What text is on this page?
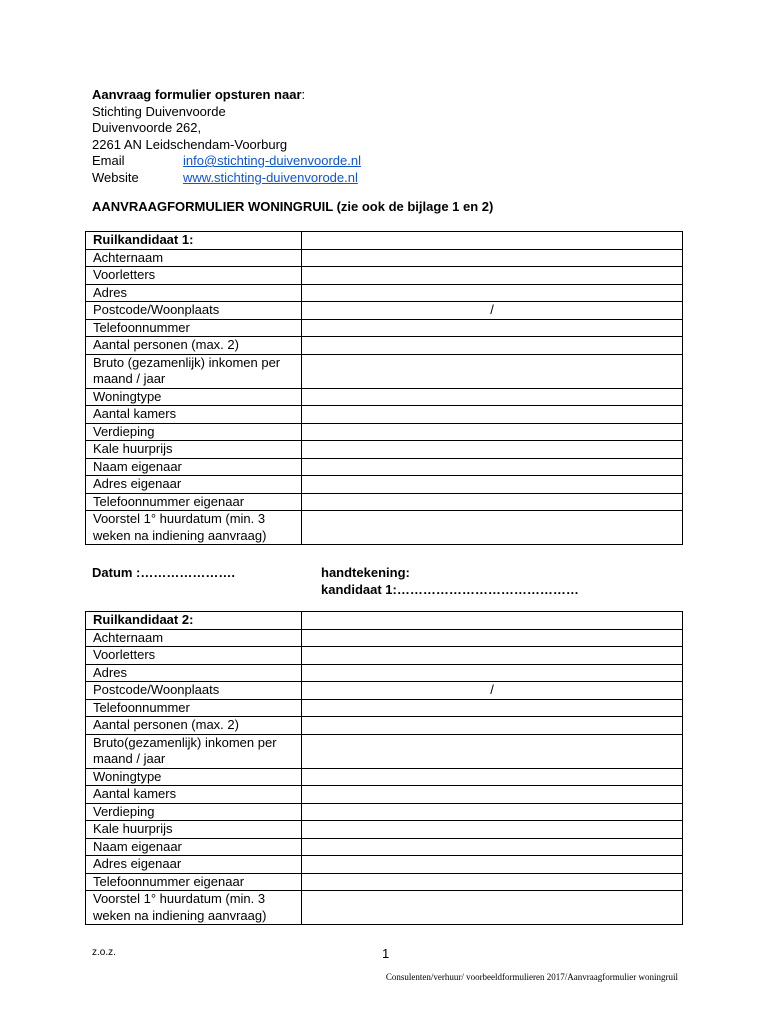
Aanvraag formulier opsturen naar:
Stichting Duivenvoorde
Duivenvoorde 262,
2261 AN Leidschendam-Voorburg
Email	info@stichting-duivenvoorde.nl
Website	www.stichting-duivenvorode.nl
AANVRAAGFORMULIER WONINGRUIL (zie ook de bijlage 1 en 2)
Ruilkandidaat 1:	
Achternaam	
Voorletters	
Adres	
Postcode/Woonplaats	/
Telefoonnummer	
Aantal personen (max. 2)	
Bruto (gezamenlijk) inkomen per maand / jaar	
Woningtype	
Aantal kamers	
Verdieping	
Kale huurprijs	
Naam eigenaar	
Adres eigenaar	
Telefoonnummer eigenaar	
Voorstel 1° huurdatum (min. 3 weken na indiening aanvraag)	
Datum :………………….	handtekening:
kandidaat 1:……………………………………
Ruilkandidaat 2:	
Achternaam	
Voorletters	
Adres	
Postcode/Woonplaats	/
Telefoonnummer	
Aantal personen (max. 2)	
Bruto(gezamenlijk) inkomen per maand / jaar	
Woningtype	
Aantal kamers	
Verdieping	
Kale huurprijs	
Naam eigenaar	
Adres eigenaar	
Telefoonnummer eigenaar	
Voorstel 1° huurdatum (min. 3 weken na indiening aanvraag)	
z.o.z.	1
Consulenten/verhuur/ voorbeeldformulieren 2017/Aanvraagformulier woningruil
